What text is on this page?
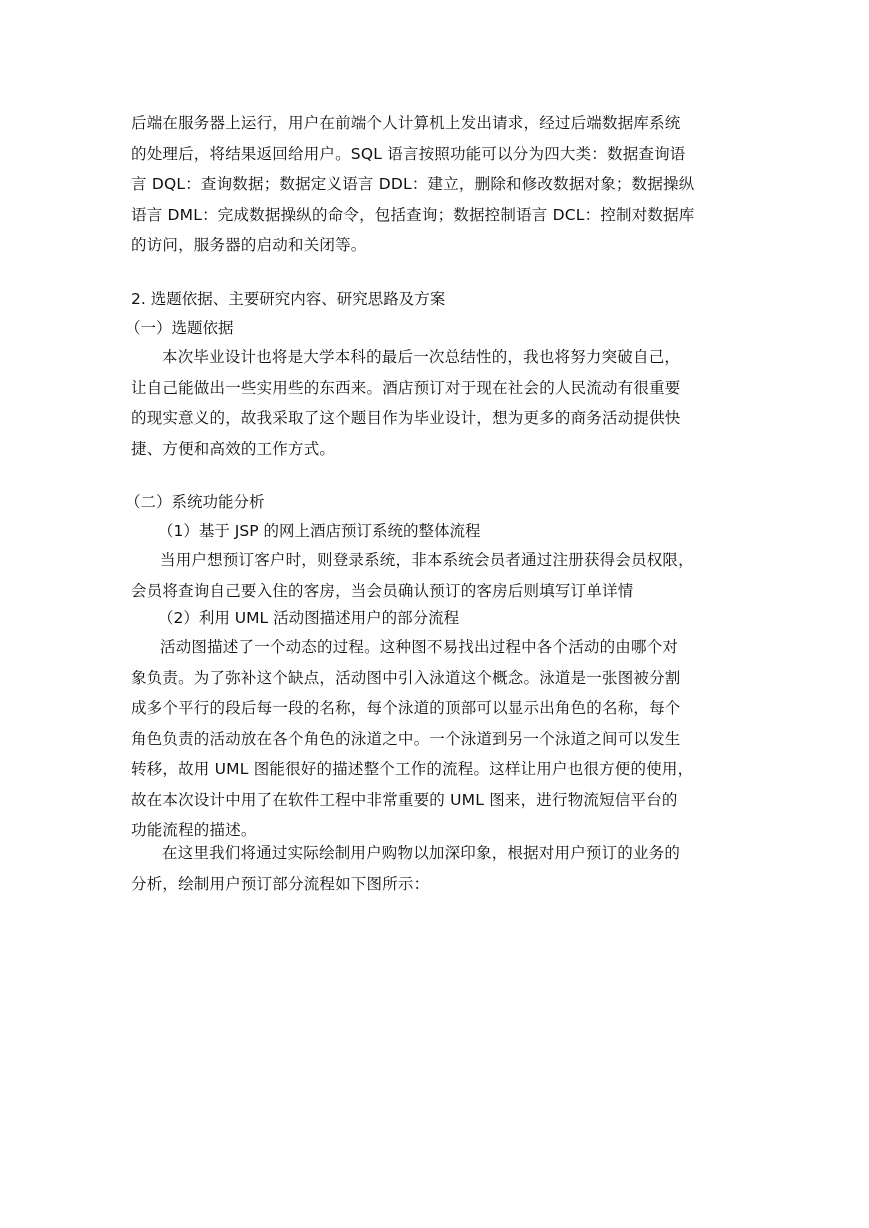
后端在服务器上运行，用户在前端个人计算机上发出请求，经过后端数据库系统
的处理后，将结果返回给用户。SQL 语言按照功能可以分为四大类：数据查询语
言 DQL：查询数据；数据定义语言 DDL：建立，删除和修改数据对象；数据操纵
语言 DML：完成数据操纵的命令，包括查询；数据控制语言 DCL：控制对数据库
的访问，服务器的启动和关闭等。
2. 选题依据、主要研究内容、研究思路及方案
（一）选题依据
本次毕业设计也将是大学本科的最后一次总结性的，我也将努力突破自己，
让自己能做出一些实用些的东西来。酒店预订对于现在社会的人民流动有很重要
的现实意义的，故我采取了这个题目作为毕业设计，想为更多的商务活动提供快
捷、方便和高效的工作方式。
（二）系统功能分析
（1）基于 JSP 的网上酒店预订系统的整体流程
当用户想预订客户时，则登录系统，非本系统会员者通过注册获得会员权限，
会员将查询自己要入住的客房，当会员确认预订的客房后则填写订单详情
（2）利用 UML 活动图描述用户的部分流程
活动图描述了一个动态的过程。这种图不易找出过程中各个活动的由哪个对
象负责。为了弥补这个缺点，活动图中引入泳道这个概念。泳道是一张图被分割
成多个平行的段后每一段的名称，每个泳道的顶部可以显示出角色的名称，每个
角色负责的活动放在各个角色的泳道之中。一个泳道到另一个泳道之间可以发生
转移，故用 UML 图能很好的描述整个工作的流程。这样让用户也很方便的使用，
故在本次设计中用了在软件工程中非常重要的 UML 图来，进行物流短信平台的
功能流程的描述。
在这里我们将通过实际绘制用户购物以加深印象，根据对用户预订的业务的
分析，绘制用户预订部分流程如下图所示：
